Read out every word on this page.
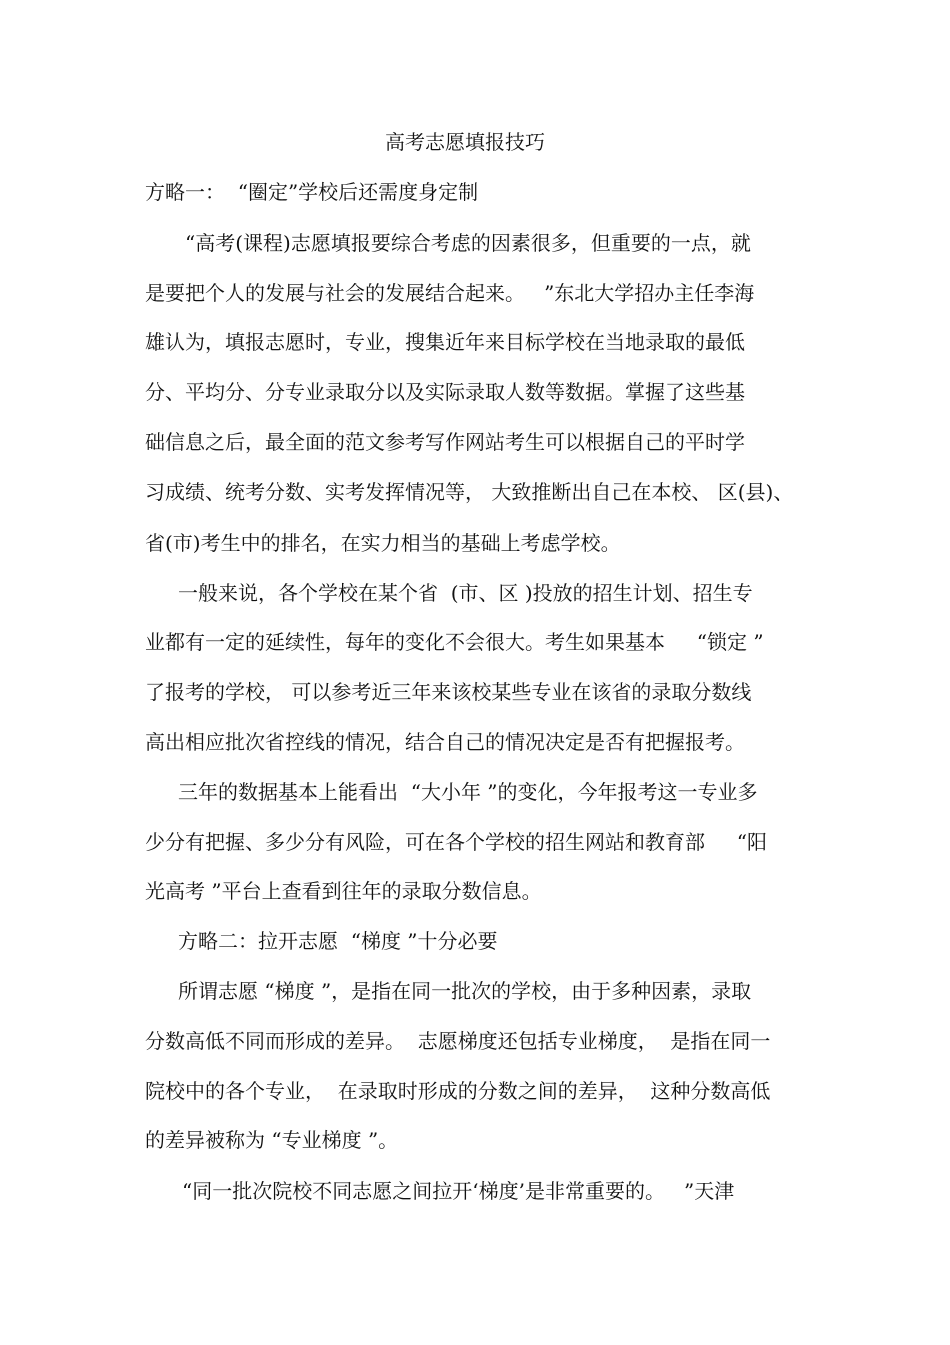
高考志愿填报技巧
方略一：  “圈定”学校后还需度身定制
“高考(课程)志愿填报要综合考虑的因素很多，但重要的一点，就
是要把个人的发展与社会的发展结合起来。   ”东北大学招办主任李海
雄认为，填报志愿时，专业，搜集近年来目标学校在当地录取的最低
分、平均分、分专业录取分以及实际录取人数等数据。掌握了这些基
础信息之后，最全面的范文参考写作网站考生可以根据自己的平时学
习成绩、统考分数、实考发挥情况等， 大致推断出自己在本校、 区(县)、
省(市)考生中的排名，在实力相当的基础上考虑学校。
一般来说，各个学校在某个省  (市、区 )投放的招生计划、招生专
业都有一定的延续性，每年的变化不会很大。考生如果基本     “锁定 ”
了报考的学校， 可以参考近三年来该校某些专业在该省的录取分数线
高出相应批次省控线的情况，结合自己的情况决定是否有把握报考。
三年的数据基本上能看出  “大小年 ”的变化，今年报考这一专业多
少分有把握、多少分有风险，可在各个学校的招生网站和教育部     “阳
光高考 ”平台上查看到往年的录取分数信息。
方略二：拉开志愿  “梯度 ”十分必要
所谓志愿 “梯度 ”，是指在同一批次的学校，由于多种因素，录取
分数高低不同而形成的差异。  志愿梯度还包括专业梯度，  是指在同一
院校中的各个专业，  在录取时形成的分数之间的差异，  这种分数高低
的差异被称为 “专业梯度 ”。
“同一批次院校不同志愿之间拉开‘梯度’是非常重要的。   ”天津
